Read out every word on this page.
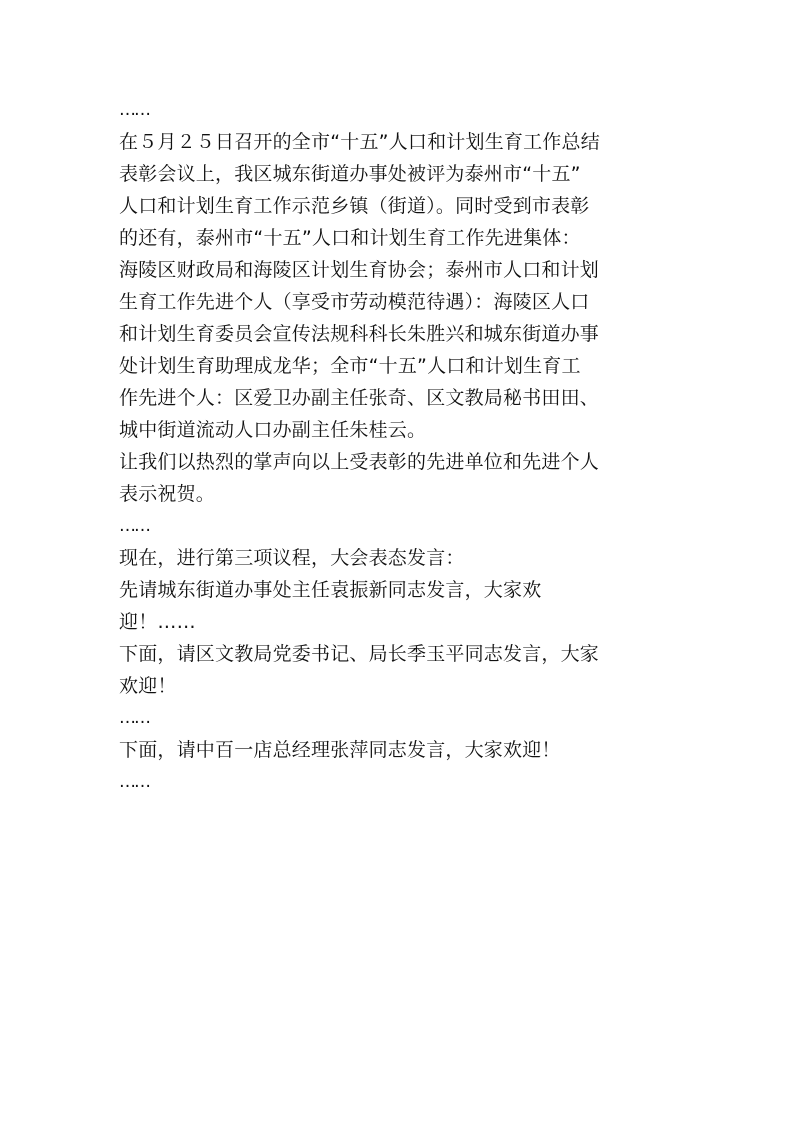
……
在５月２５日召开的全市“十五”人口和计划生育工作总结
表彰会议上，我区城东街道办事处被评为泰州市“十五”
人口和计划生育工作示范乡镇（街道）。同时受到市表彰
的还有，泰州市“十五”人口和计划生育工作先进集体：
海陵区财政局和海陵区计划生育协会；泰州市人口和计划
生育工作先进个人（享受市劳动模范待遇）：海陵区人口
和计划生育委员会宣传法规科科长朱胜兴和城东街道办事
处计划生育助理成龙华；全市“十五”人口和计划生育工
作先进个人：区爱卫办副主任张奇、区文教局秘书田田、
城中街道流动人口办副主任朱桂云。
让我们以热烈的掌声向以上受表彰的先进单位和先进个人
表示祝贺。
……
现在，进行第三项议程，大会表态发言：
先请城东街道办事处主任袁振新同志发言，大家欢
迎！……
下面，请区文教局党委书记、局长季玉平同志发言，大家
欢迎！
……
下面，请中百一店总经理张萍同志发言，大家欢迎！
……
